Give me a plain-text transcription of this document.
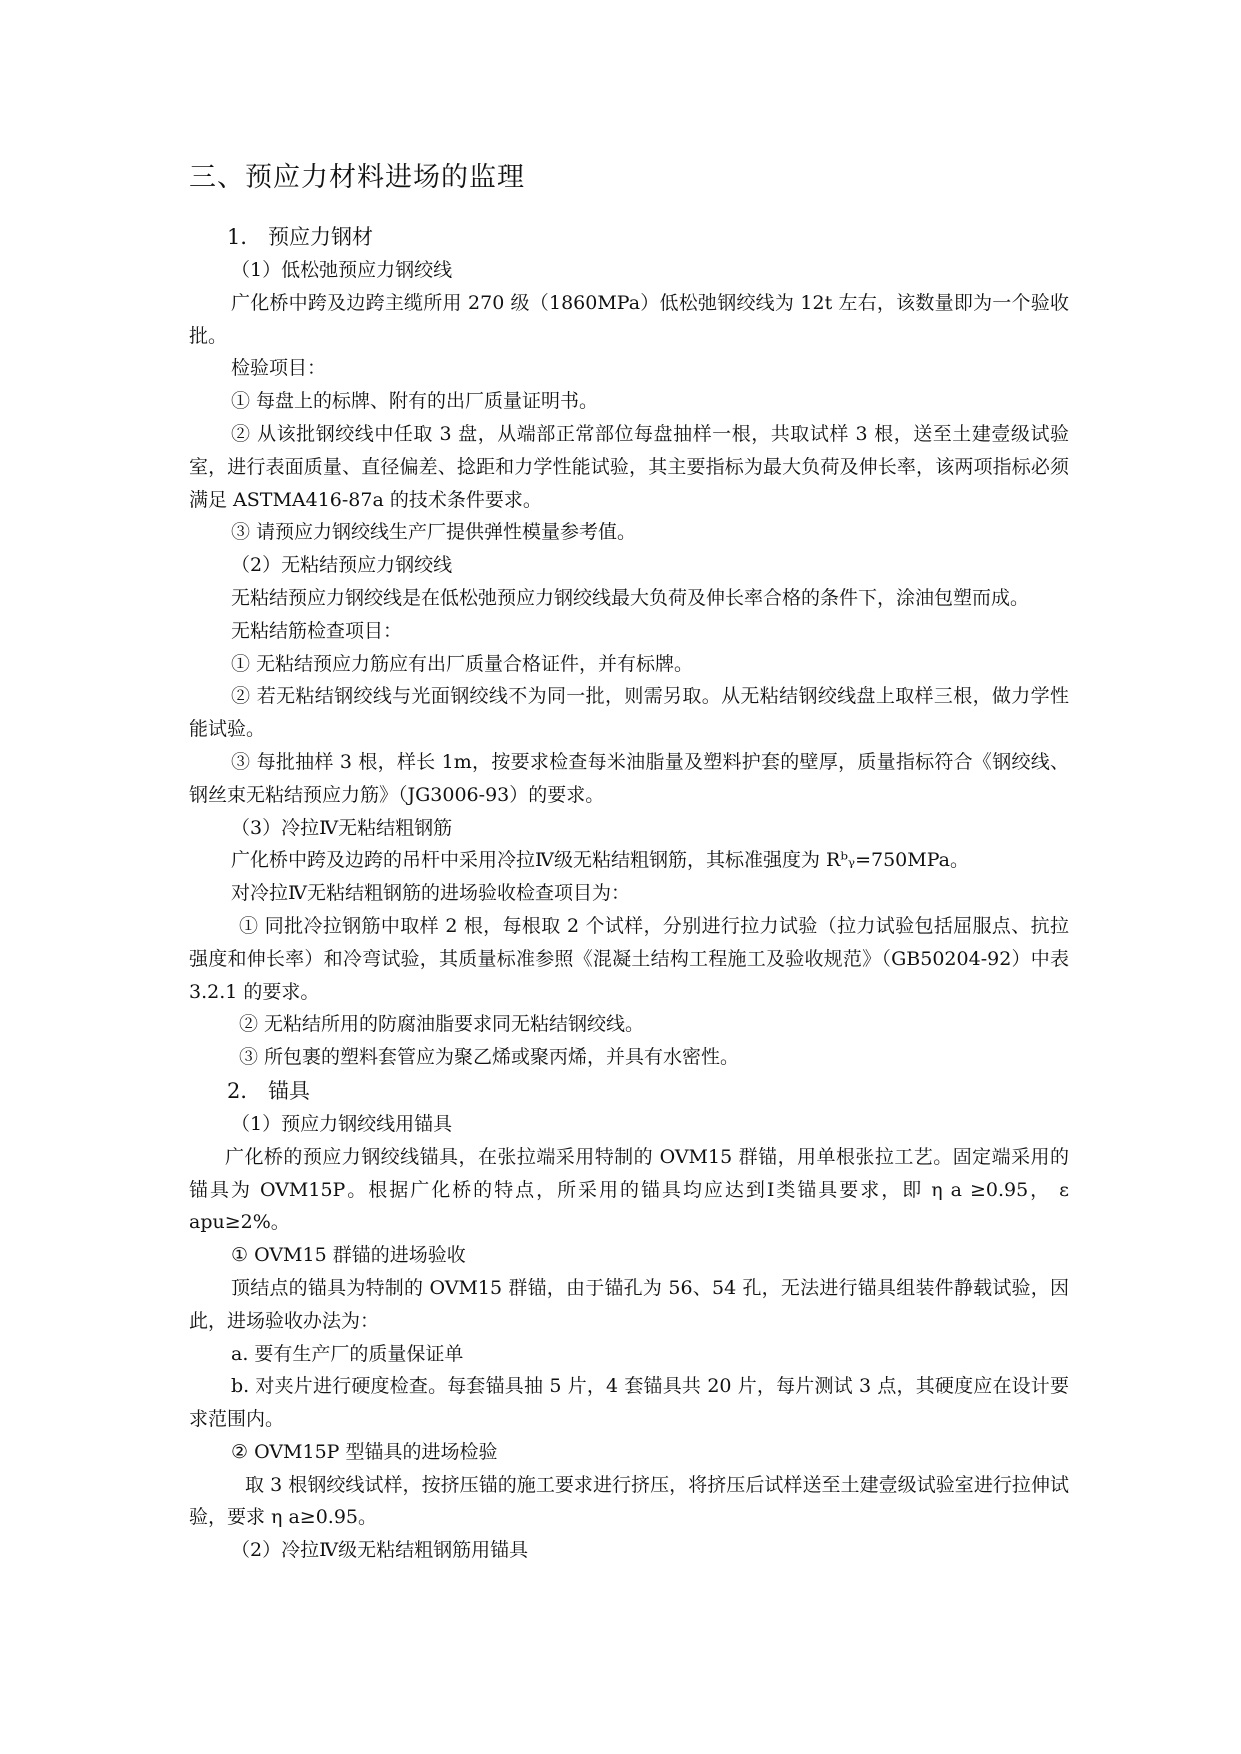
三、预应力材料进场的监理
1． 预应力钢材
（1）低松弛预应力钢绞线
广化桥中跨及边跨主缆所用 270 级（1860MPa）低松弛钢绞线为 12t 左右，该数量即为一个验收批。
检验项目：
① 每盘上的标牌、附有的出厂质量证明书。
② 从该批钢绞线中任取 3 盘，从端部正常部位每盘抽样一根，共取试样 3 根，送至土建壹级试验室，进行表面质量、直径偏差、捻距和力学性能试验，其主要指标为最大负荷及伸长率，该两项指标必须满足 ASTMA416-87a 的技术条件要求。
③ 请预应力钢绞线生产厂提供弹性模量参考值。
（2）无粘结预应力钢绞线
无粘结预应力钢绞线是在低松弛预应力钢绞线最大负荷及伸长率合格的条件下，涂油包塑而成。
无粘结筋检查项目：
① 无粘结预应力筋应有出厂质量合格证件，并有标牌。
② 若无粘结钢绞线与光面钢绞线不为同一批，则需另取。从无粘结钢绞线盘上取样三根，做力学性能试验。
③ 每批抽样 3 根，样长 1m，按要求检查每米油脂量及塑料护套的壁厚，质量指标符合《钢绞线、钢丝束无粘结预应力筋》（JG3006-93）的要求。
（3）冷拉Ⅳ无粘结粗钢筋
广化桥中跨及边跨的吊杆中采用冷拉Ⅳ级无粘结粗钢筋，其标准强度为 Rᵇᵧ=750MPa。
对冷拉Ⅳ无粘结粗钢筋的进场验收检查项目为：
① 同批冷拉钢筋中取样 2 根，每根取 2 个试样，分别进行拉力试验（拉力试验包括屈服点、抗拉强度和伸长率）和冷弯试验，其质量标准参照《混凝土结构工程施工及验收规范》（GB50204-92）中表 3.2.1 的要求。
② 无粘结所用的防腐油脂要求同无粘结钢绞线。
③ 所包裹的塑料套管应为聚乙烯或聚丙烯，并具有水密性。
2． 锚具
（1）预应力钢绞线用锚具
广化桥的预应力钢绞线锚具，在张拉端采用特制的 OVM15 群锚，用单根张拉工艺。固定端采用的锚具为 OVM15P。根据广化桥的特点，所采用的锚具均应达到Ⅰ类锚具要求，即 η a ≥0.95， ε apu≥2%。
① OVM15 群锚的进场验收
顶结点的锚具为特制的 OVM15 群锚，由于锚孔为 56、54 孔，无法进行锚具组装件静载试验，因此，进场验收办法为：
a. 要有生产厂的质量保证单
b. 对夹片进行硬度检查。每套锚具抽 5 片，4 套锚具共 20 片，每片测试 3 点，其硬度应在设计要求范围内。
② OVM15P 型锚具的进场检验
取 3 根钢绞线试样，按挤压锚的施工要求进行挤压，将挤压后试样送至土建壹级试验室进行拉伸试验，要求 η a≥0.95。
（2）冷拉Ⅳ级无粘结粗钢筋用锚具
